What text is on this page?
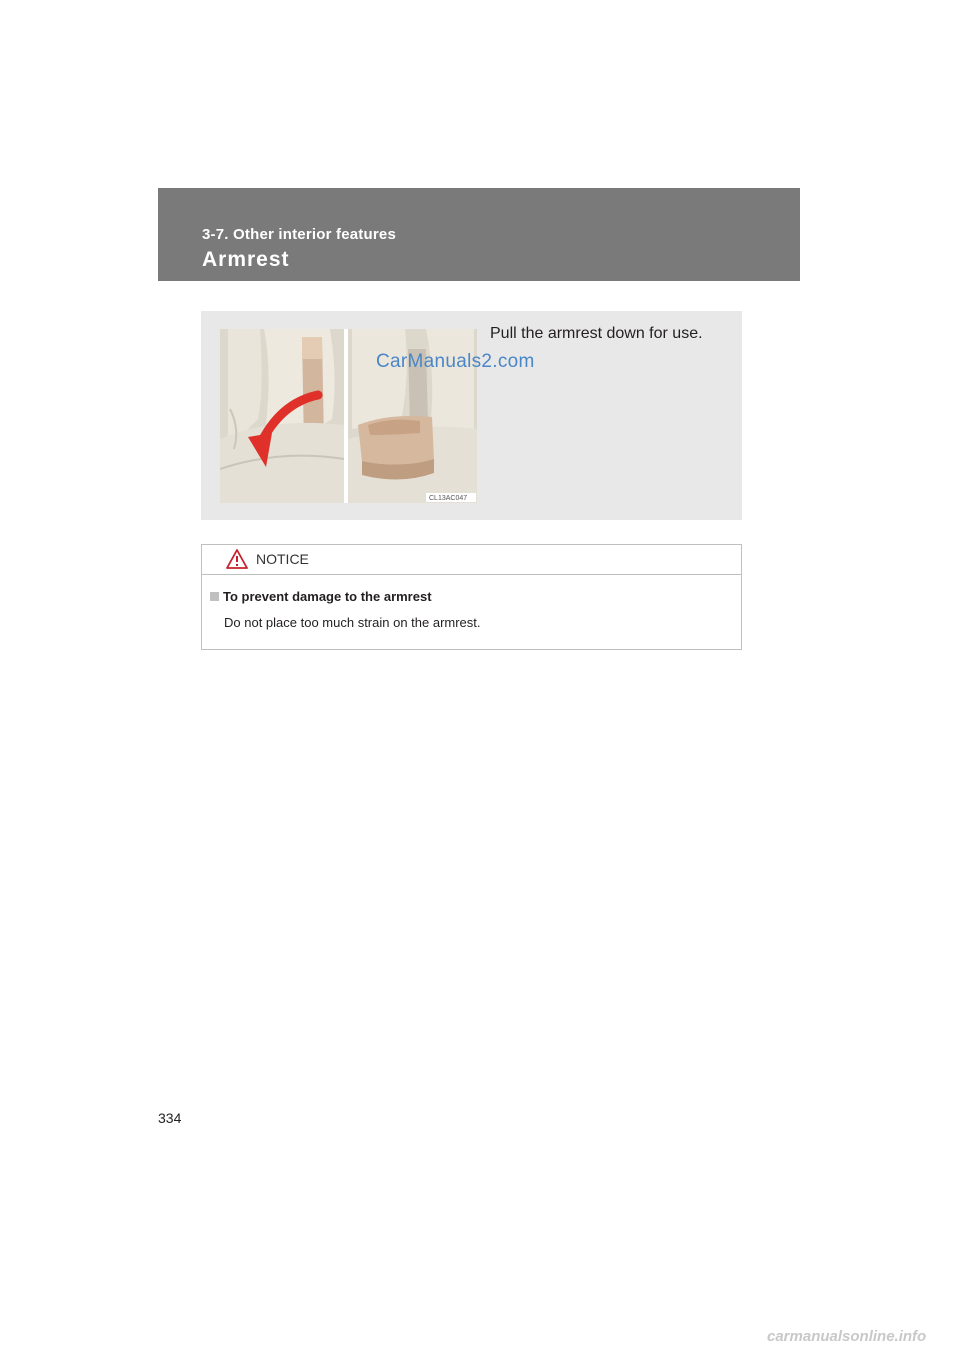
3-7. Other interior features
Armrest
CL13AC047
Pull the armrest down for use.
CarManuals2.com
NOTICE
To prevent damage to the armrest
Do not place too much strain on the armrest.
334
carmanualsonline.info
